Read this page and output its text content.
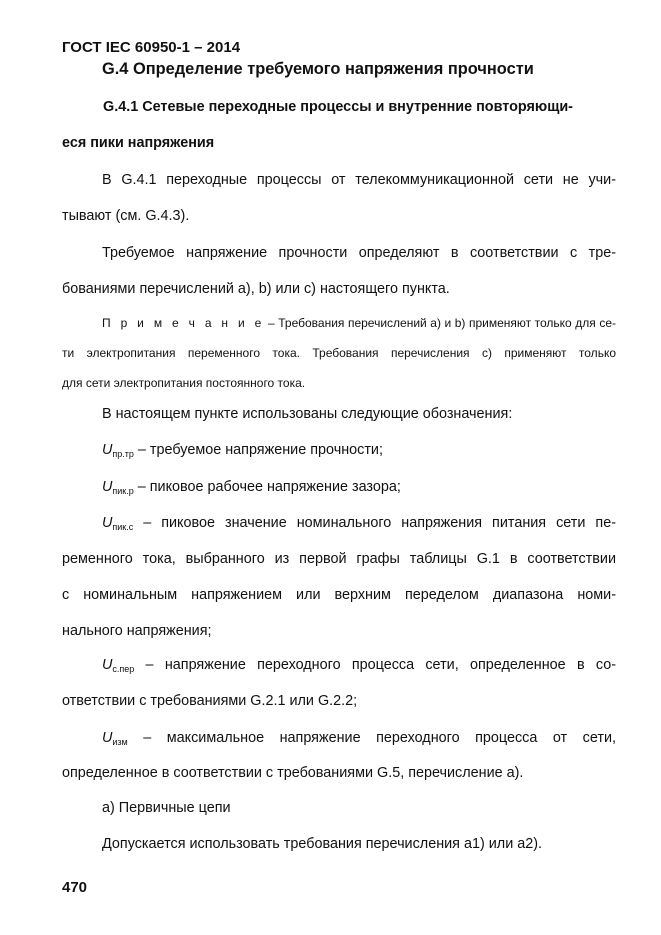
ГОСТ IEC 60950-1 – 2014
G.4 Определение требуемого напряжения прочности
G.4.1 Сетевые переходные процессы и внутренние повторяющи-
еся пики напряжения
В G.4.1 переходные процессы от телекоммуникационной сети не учи-
тывают (см. G.4.3).
Требуемое напряжение прочности определяют в соответствии с тре-
бованиями перечислений а), b) или с) настоящего пункта.
П р и м е ч а н и е – Требования перечислений а) и b) применяют только для се-
ти электропитания переменного тока. Требования перечисления с) применяют только
для сети электропитания постоянного тока.
В настоящем пункте использованы следующие обозначения:
$U_{пр.тр}$ – требуемое напряжение прочности;
$U_{пик.р}$ – пиковое рабочее напряжение зазора;
$U_{пик.с}$ – пиковое значение номинального напряжения питания сети пе-
ременного тока, выбранного из первой графы таблицы G.1 в соответствии
с номинальным напряжением или верхним переделом диапазона номи-
нального напряжения;
$U_{с.пер}$ – напряжение переходного процесса сети, определенное в со-
ответствии с требованиями G.2.1 или G.2.2;
$U_{изм}$ – максимальное напряжение переходного процесса от сети,
определенное в соответствии с требованиями G.5, перечисление а).
а) Первичные цепи
Допускается использовать требования перечисления а1) или а2).
470
